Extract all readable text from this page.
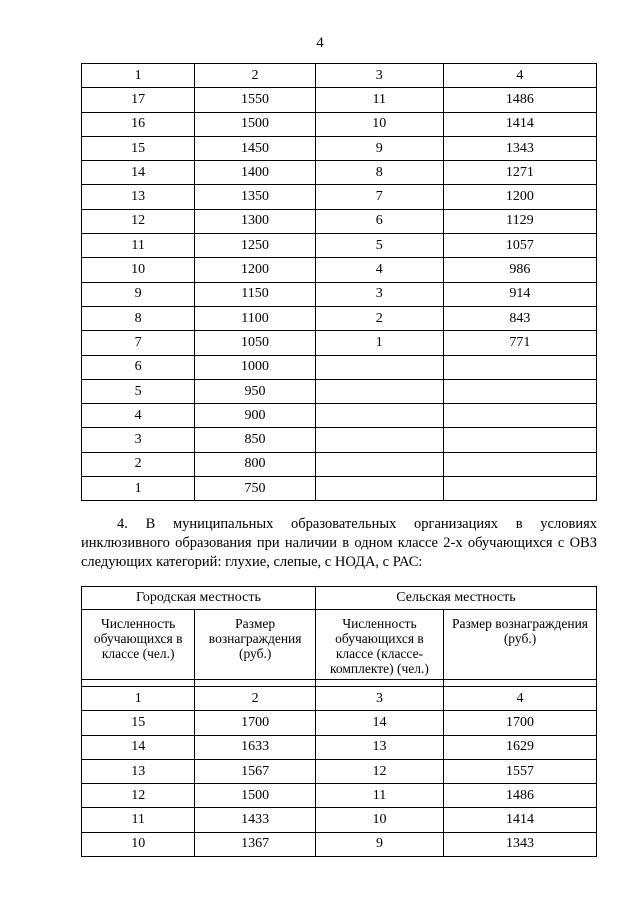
4
1	2	3	4
17	1550	11	1486
16	1500	10	1414
15	1450	9	1343
14	1400	8	1271
13	1350	7	1200
12	1300	6	1129
11	1250	5	1057
10	1200	4	986
9	1150	3	914
8	1100	2	843
7	1050	1	771
6	1000		
5	950		
4	900		
3	850		
2	800		
1	750		
4. В муниципальных образовательных организациях в условиях инклюзивного образования при наличии в одном классе 2-х обучающихся с ОВЗ следующих категорий: глухие, слепые, с НОДА, с РАС:
Городская местность		Сельская местность	
Численность обучающихся в классе (чел.)	Размер вознаграждения (руб.)	Численность обучающихся в классе (классе-комплекте) (чел.)	Размер вознаграждения (руб.)

1	2	3	4
15	1700	14	1700
14	1633	13	1629
13	1567	12	1557
12	1500	11	1486
11	1433	10	1414
10	1367	9	1343
